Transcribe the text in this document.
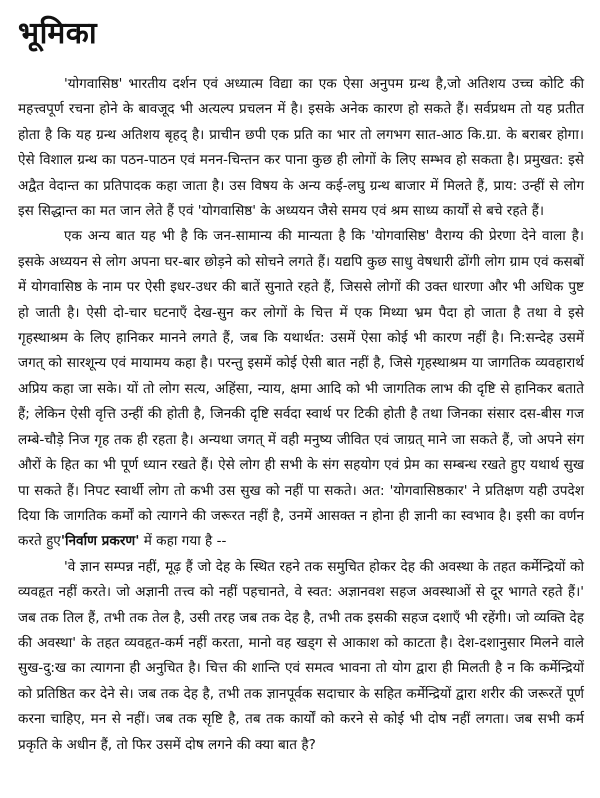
भूमिका

'योगवासिष्ठ' भारतीय दर्शन एवं अध्यात्म विद्या का एक ऐसा अनुपम ग्रन्थ है,जो अतिशय उच्च कोटि की महत्त्वपूर्ण रचना होने के बावजूद भी अत्यल्प प्रचलन में है। इसके अनेक कारण हो सकते हैं। सर्वप्रथम तो यह प्रतीत होता है कि यह ग्रन्थ अतिशय बृहद् है। प्राचीन छपी एक प्रति का भार तो लगभग सात-आठ कि.ग्रा. के बराबर होगा। ऐसे विशाल ग्रन्थ का पठन-पाठन एवं मनन-चिन्तन कर पाना कुछ ही लोगों के लिए सम्भव हो सकता है। प्रमुखत: इसे अद्वैत वेदान्त का प्रतिपादक कहा जाता है। उस विषय के अन्य कई-लघु ग्रन्थ बाजार में मिलते हैं, प्राय: उन्हीं से लोग इस सिद्धान्त का मत जान लेते हैं एवं 'योगवासिष्ठ' के अध्ययन जैसे समय एवं श्रम साध्य कार्यों से बचे रहते हैं।

एक अन्य बात यह भी है कि जन-सामान्य की मान्यता है कि 'योगवासिष्ठ' वैराग्य की प्रेरणा देने वाला है। इसके अध्ययन से लोग अपना घर-बार छोड़ने को सोचने लगते हैं। यद्यपि कुछ साधु वेषधारी ढोंगी लोग ग्राम एवं कसबों में योगवासिष्ठ के नाम पर ऐसी इधर-उधर की बातें सुनाते रहते हैं, जिससे लोगों की उक्त धारणा और भी अधिक पुष्ट हो जाती है। ऐसी दो-चार घटनाएँ देख-सुन कर लोगों के चित्त में एक मिथ्या भ्रम पैदा हो जाता है तथा वे इसे गृहस्थाश्रम के लिए हानिकर मानने लगते हैं, जब कि यथार्थत: उसमें ऐसा कोई भी कारण नहीं है। नि:सन्देह उसमें जगत् को सारशून्य एवं मायामय कहा है। परन्तु इसमें कोई ऐसी बात नहीं है, जिसे गृहस्थाश्रम या जागतिक व्यवहारार्थ अप्रिय कहा जा सके। यों तो लोग सत्य, अहिंसा, न्याय, क्षमा आदि को भी जागतिक लाभ की दृष्टि से हानिकर बताते हैं; लेकिन ऐसी वृत्ति उन्हीं की होती है, जिनकी दृष्टि सर्वदा स्वार्थ पर टिकी होती है तथा जिनका संसार दस-बीस गज लम्बे-चौड़े निज गृह तक ही रहता है। अन्यथा जगत् में वही मनुष्य जीवित एवं जाग्रत् माने जा सकते हैं, जो अपने संग औरों के हित का भी पूर्ण ध्यान रखते हैं। ऐसे लोग ही सभी के संग सहयोग एवं प्रेम का सम्बन्ध रखते हुए यथार्थ सुख पा सकते हैं। निपट स्वार्थी लोग तो कभी उस सुख को नहीं पा सकते। अत: 'योगवासिष्ठकार' ने प्रतिक्षण यही उपदेश दिया कि जागतिक कर्मों को त्यागने की जरूरत नहीं है, उनमें आसक्त न होना ही ज्ञानी का स्वभाव है। इसी का वर्णन करते हुए'निर्वाण प्रकरण' में कहा गया है --

'वे ज्ञान सम्पन्न नहीं, मूढ़ हैं जो देह के स्थित रहने तक समुचित होकर देह की अवस्था के तहत कर्मेन्द्रियों को व्यवहृत नहीं करते। जो अज्ञानी तत्त्व को नहीं पहचानते, वे स्वत: अज्ञानवश सहज अवस्थाओं से दूर भागते रहते हैं।' जब तक तिल हैं, तभी तक तेल है, उसी तरह जब तक देह है, तभी तक इसकी सहज दशाएँ भी रहेंगी। जो व्यक्ति देह की अवस्था' के तहत व्यवहृत-कर्म नहीं करता, मानो वह खड्ग से आकाश को काटता है। देश-दशानुसार मिलने वाले सुख-दु:ख का त्यागना ही अनुचित है। चित्त की शान्ति एवं समत्व भावना तो योग द्वारा ही मिलती है न कि कर्मेन्द्रियों को प्रतिष्ठित कर देने से। जब तक देह है, तभी तक ज्ञानपूर्वक सदाचार के सहित कर्मेन्द्रियों द्वारा शरीर की जरूरतें पूर्ण करना चाहिए, मन से नहीं। जब तक सृष्टि है, तब तक कार्यों को करने से कोई भी दोष नहीं लगता। जब सभी कर्म प्रकृति के अधीन हैं, तो फिर उसमें दोष लगने की क्या बात है?
